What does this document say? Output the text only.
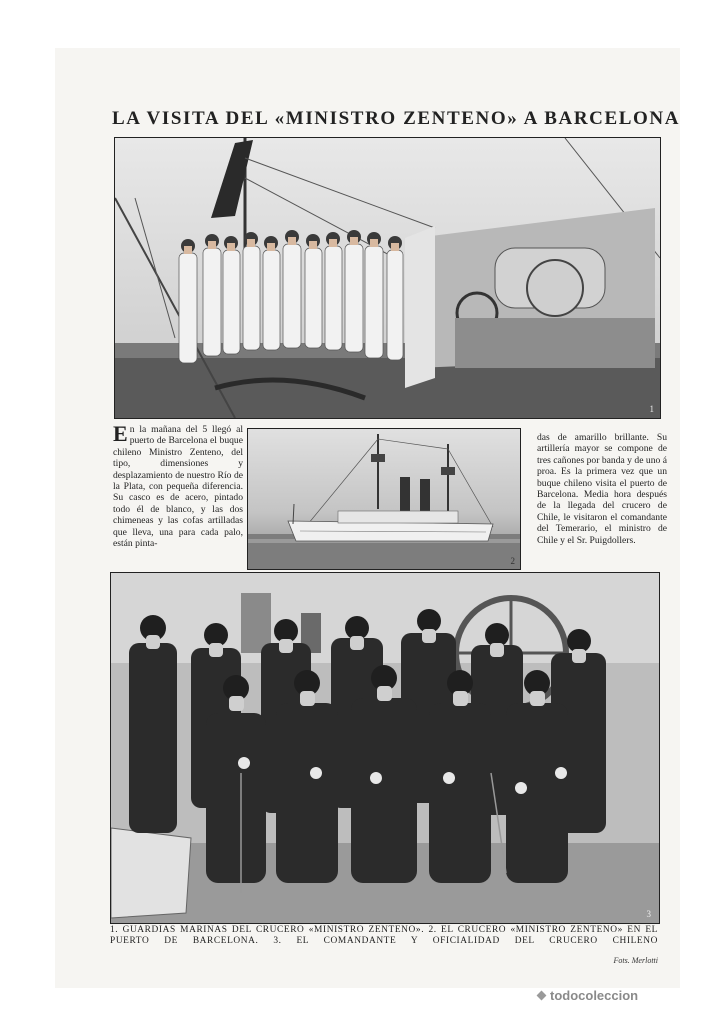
LA VISITA DEL «MINISTRO ZENTENO» A BARCELONA
1
En la mañana del 5 llegó al puerto de Barcelona el buque chileno Ministro Zenteno, del tipo, dimensiones y desplazamiento de nuestro Río de la Plata, con pequeña diferencia. Su casco es de acero, pintado todo él de blanco, y las dos chimeneas y las cofas artilladas que lleva, una para cada palo, están pinta-
2
das de amarillo brillante. Su artillería mayor se compone de tres cañones por banda y de uno á proa. Es la primera vez que un buque chileno visita el puerto de Barcelona. Media hora después de la llegada del crucero de Chile, le visitaron el comandante del Temerario, el ministro de Chile y el Sr. Puigdollers.
3
1. GUARDIAS MARINAS DEL CRUCERO «MINISTRO ZENTENO». 2. EL CRUCERO «MINISTRO ZENTENO» EN EL PUERTO DE BARCELONA. 3. EL COMANDANTE Y OFICIALIDAD DEL CRUCERO CHILENO
Fots. Merlotti
todocoleccion
